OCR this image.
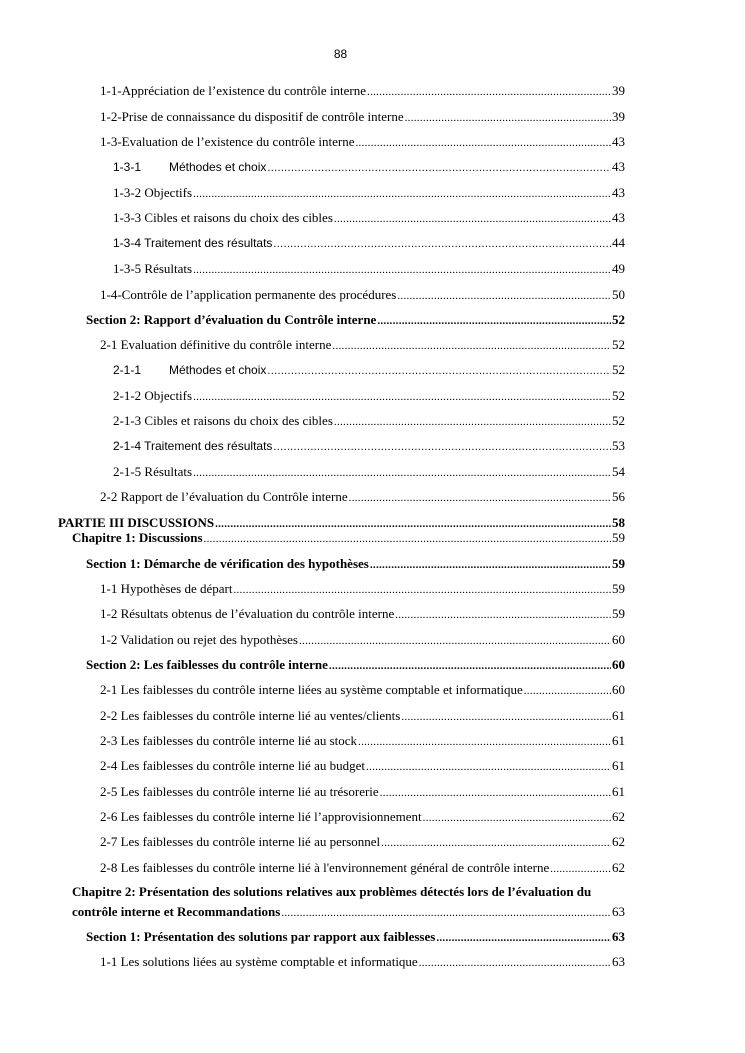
88
1-1-Appréciation de l’existence du contrôle interne .....	39
1-2-Prise de connaissance du dispositif de contrôle interne .....	39
1-3-Evaluation de l’existence du contrôle interne .....	43
1-3-1 Méthodes et choix .....	43
1-3-2 Objectifs .....	43
1-3-3 Cibles et raisons du choix des cibles .....	43
1-3-4 Traitement des résultats .....	44
1-3-5 Résultats .....	49
1-4-Contrôle de l’application permanente des procédures .....	50
Section 2: Rapport d’évaluation du Contrôle interne .....	52
2-1 Evaluation définitive du contrôle interne .....	52
2-1-1 Méthodes et choix .....	52
2-1-2 Objectifs .....	52
2-1-3 Cibles et raisons du choix des cibles .....	52
2-1-4 Traitement des résultats .....	53
2-1-5 Résultats .....	54
2-2 Rapport de l’évaluation du Contrôle interne .....	56
PARTIE III DISCUSSIONS .....	58
Chapitre 1: Discussions .....	59
Section 1: Démarche de vérification des hypothèses .....	59
1-1 Hypothèses de départ .....	59
1-2 Résultats obtenus de l’évaluation du contrôle interne .....	59
1-2 Validation ou rejet des hypothèses .....	60
Section 2: Les faiblesses du contrôle interne .....	60
2-1 Les faiblesses du contrôle interne liées au système comptable et informatique .....	60
2-2 Les faiblesses du contrôle interne lié au ventes/clients .....	61
2-3 Les faiblesses du contrôle interne lié au stock .....	61
2-4 Les faiblesses du contrôle interne lié au budget .....	61
2-5 Les faiblesses du contrôle interne lié au trésorerie .....	61
2-6 Les faiblesses du contrôle interne lié l’approvisionnement .....	62
2-7 Les faiblesses du contrôle interne lié au personnel .....	62
2-8 Les faiblesses du contrôle interne lié à l'environnement général de contrôle interne .....	62
Chapitre 2: Présentation des solutions relatives aux problèmes détectés lors de l’évaluation du
contrôle interne et Recommandations .....	63
Section 1: Présentation des solutions par rapport aux faiblesses .....	63
1-1 Les solutions liées au système comptable et informatique .....	63
